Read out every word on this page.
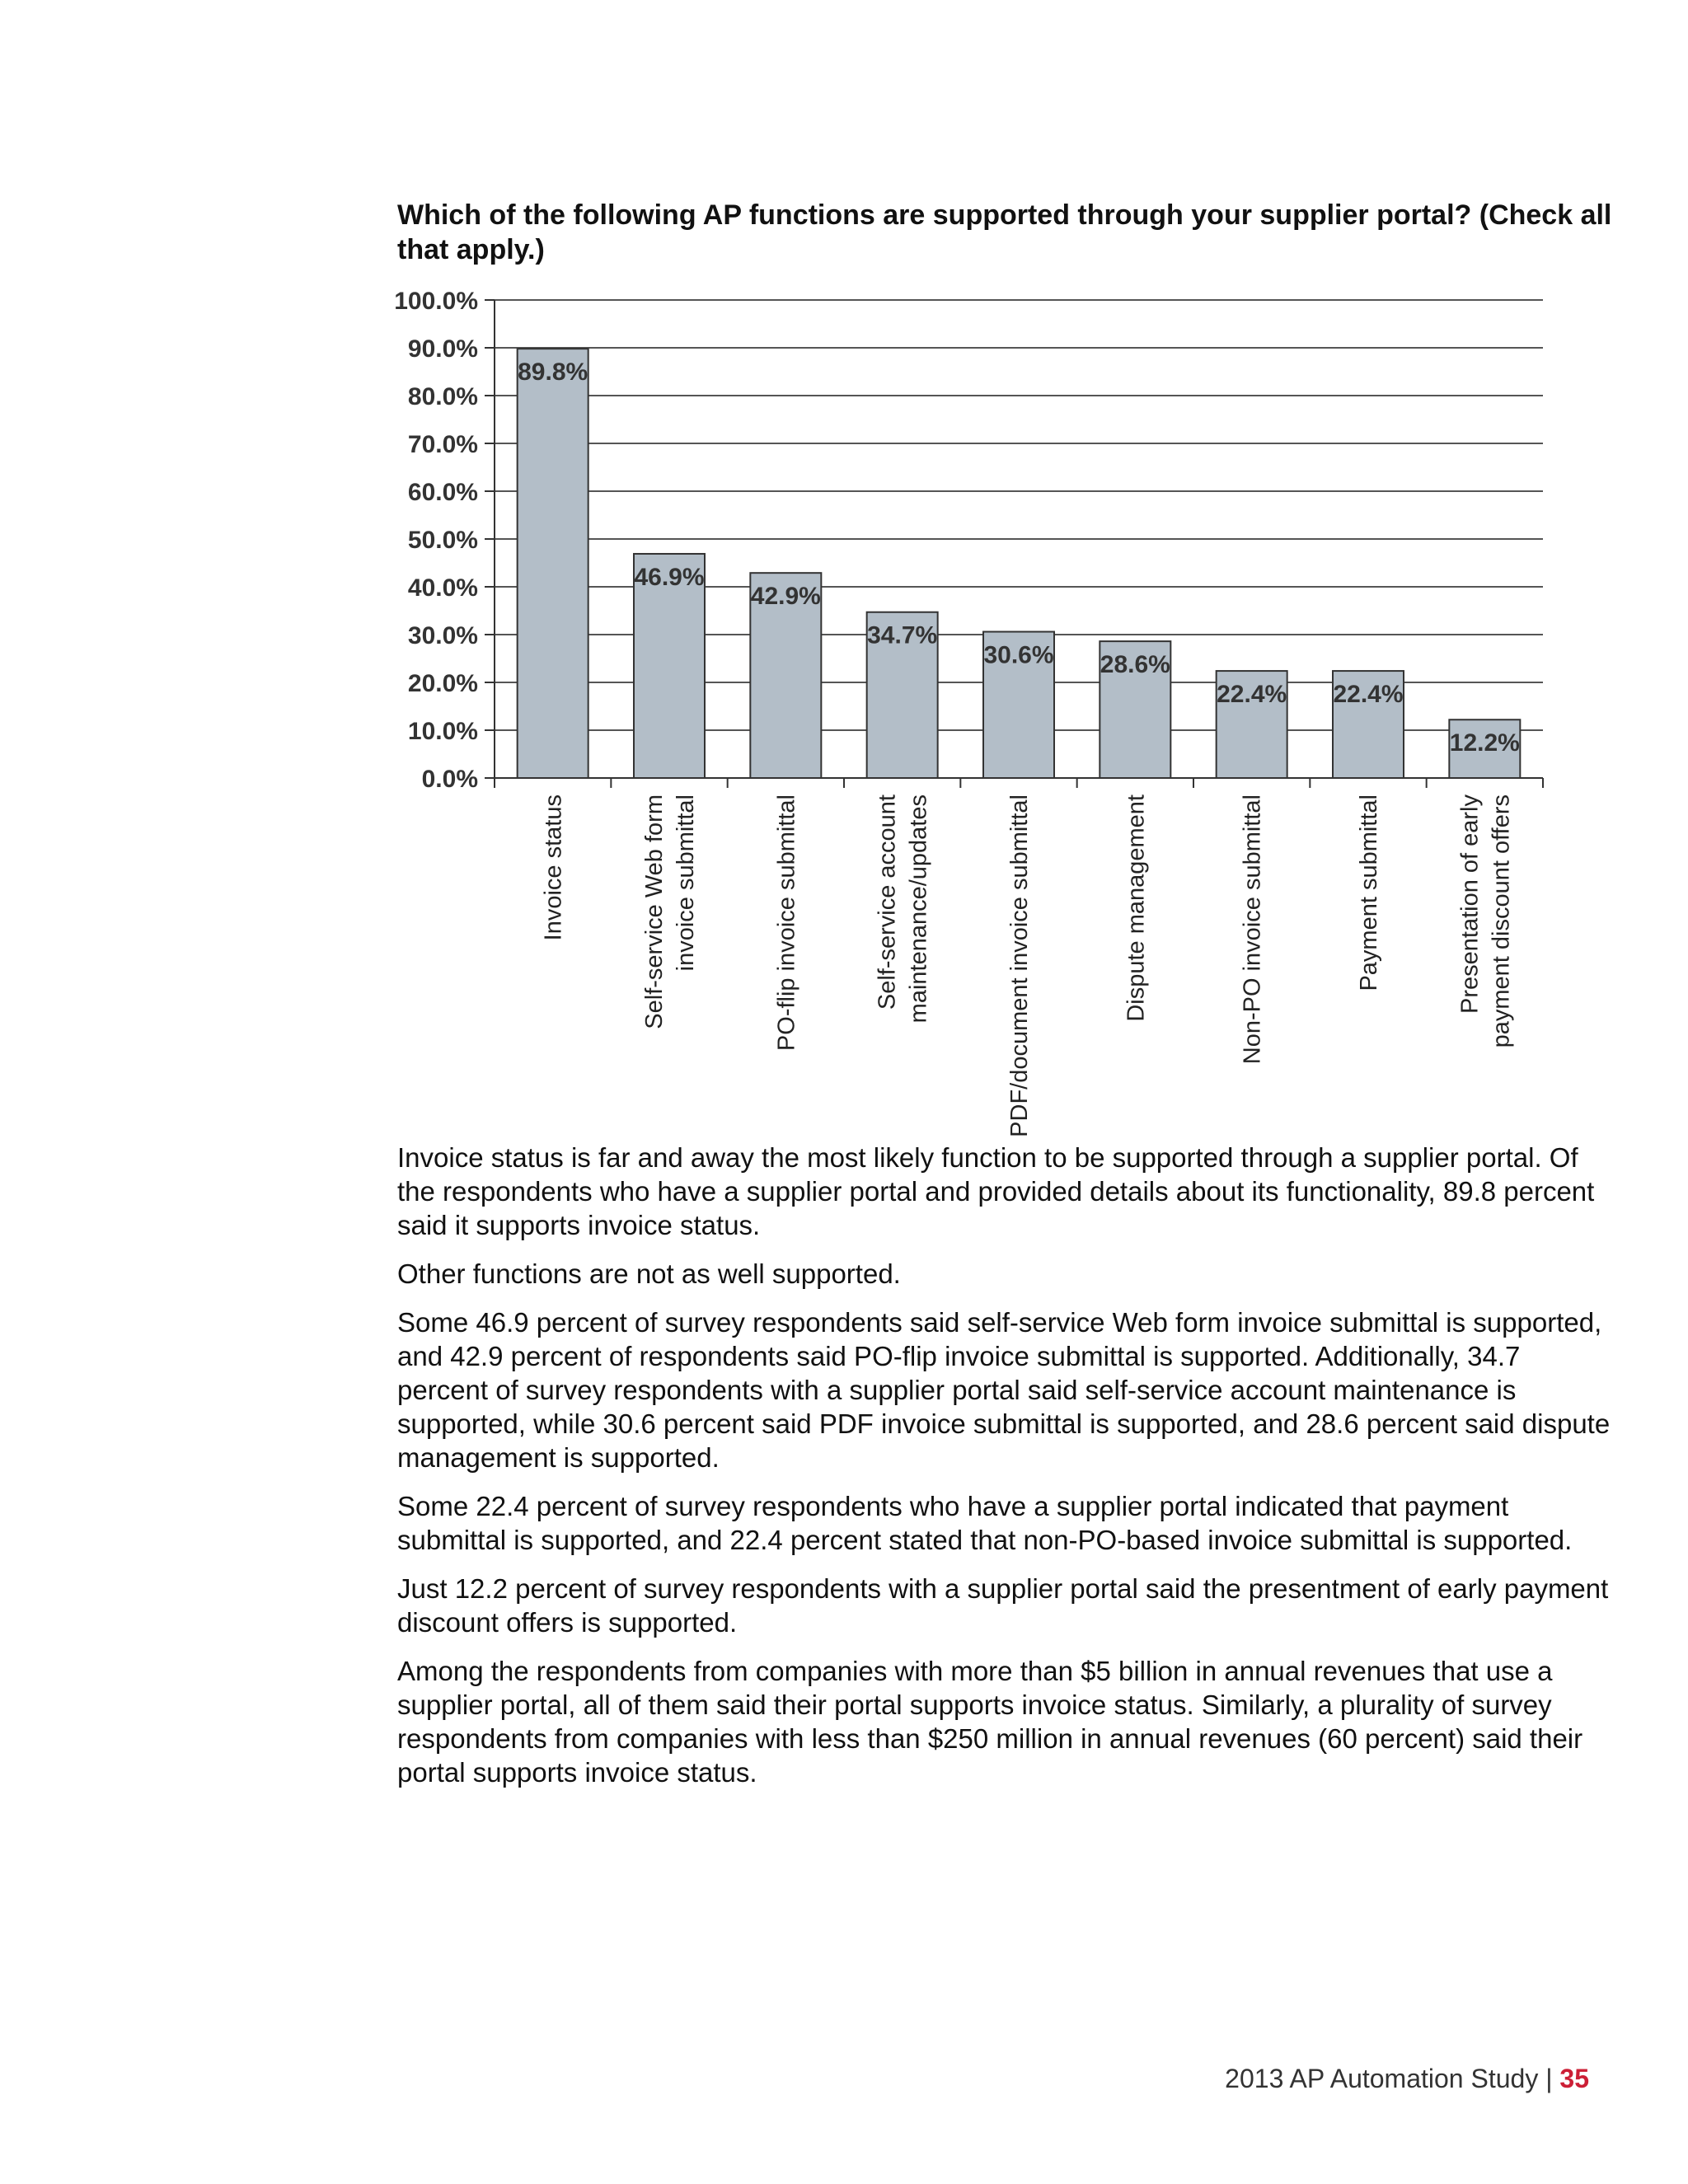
Which of the following AP functions are supported through your supplier portal? (Check all that apply.)
0.0%
10.0%
20.0%
30.0%
40.0%
50.0%
60.0%
70.0%
80.0%
90.0%
100.0%
89.8%
46.9%
42.9%
34.7%
30.6% 28.6%
22.4% 22.4%
12.2%
Invoice status	Self-service Web form invoice submittal	PO-flip invoice submittal	Self-service account maintenance/updates	PDF/document invoice submittal	Dispute management	Non-PO invoice submittal	Payment submittal	Presentation of early payment discount offers

Invoice status is far and away the most likely function to be supported through a supplier portal. Of the respondents who have a supplier portal and provided details about its functionality, 89.8 percent said it supports invoice status.

Other functions are not as well supported.

Some 46.9 percent of survey respondents said self-service Web form invoice submittal is supported, and 42.9 percent of respondents said PO-flip invoice submittal is supported. Additionally, 34.7 percent of survey respondents with a supplier portal said self-service account maintenance is supported, while 30.6 percent said PDF invoice submittal is supported, and 28.6 percent said dispute management is supported.

Some 22.4 percent of survey respondents who have a supplier portal indicated that payment submittal is supported, and 22.4 percent stated that non-PO-based invoice submittal is supported.

Just 12.2 percent of survey respondents with a supplier portal said the presentment of early payment discount offers is supported.

Among the respondents from companies with more than $5 billion in annual revenues that use a supplier portal, all of them said their portal supports invoice status. Similarly, a plurality of survey respondents from companies with less than $250 million in annual revenues (60 percent) said their portal supports invoice status.

2013 AP Automation Study | 35
